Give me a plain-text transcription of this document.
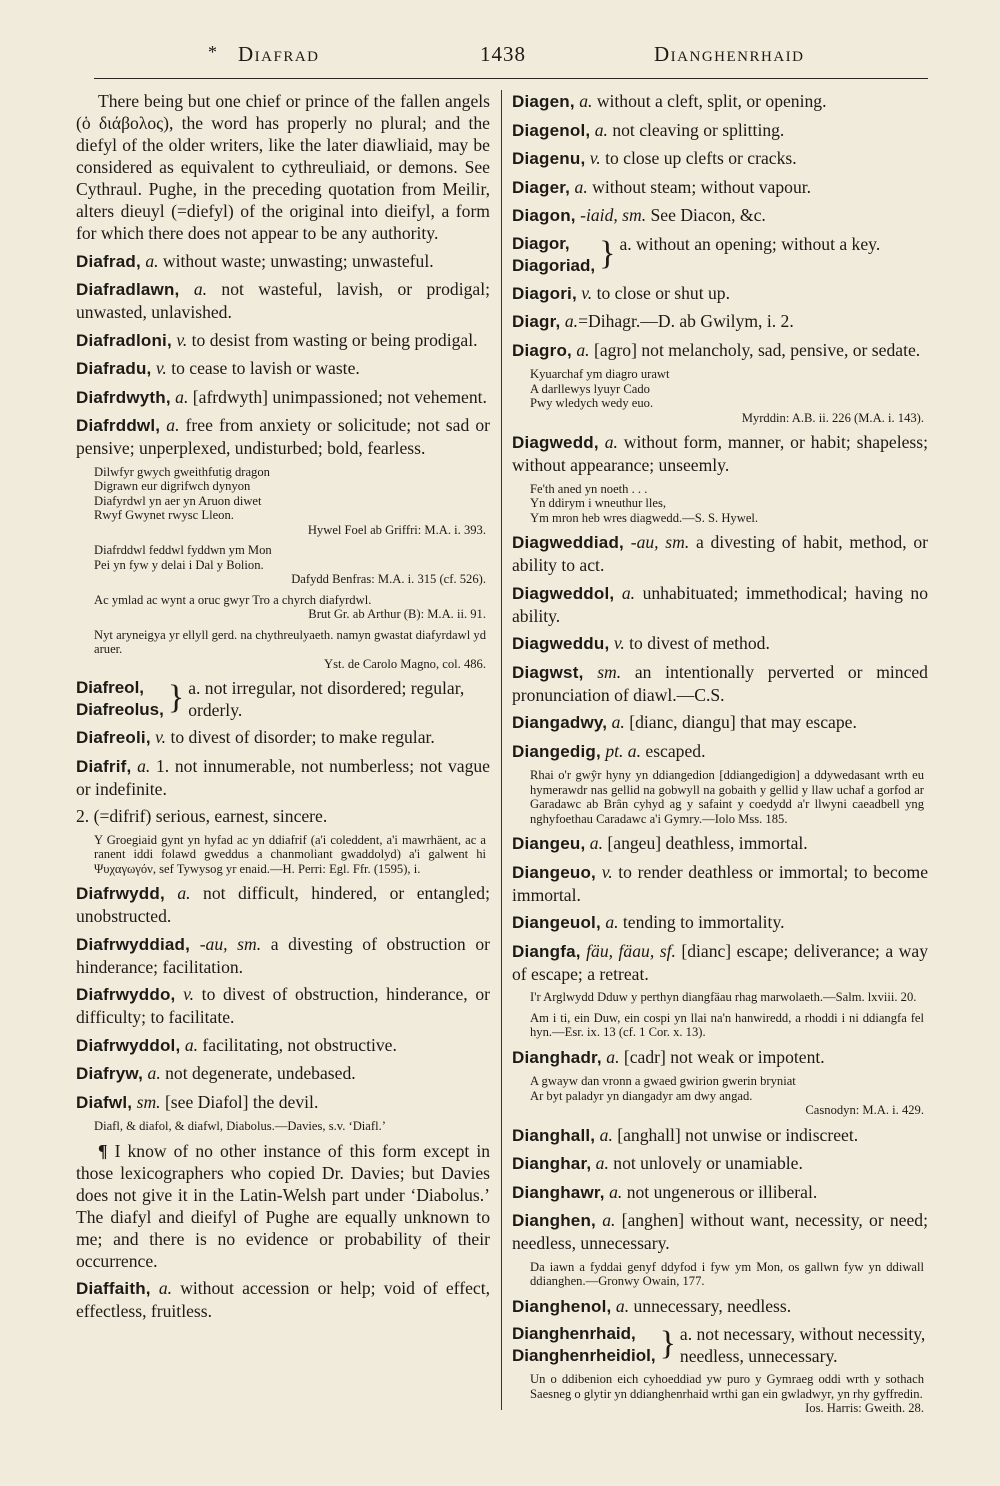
* Diafrad	1438	Dianghenrhaid

There being but one chief or prince of the fallen angels (ὁ διάβολος), the word has properly no plural; and the diefyl of the older writers, like the later diawliaid, may be considered as equivalent to cythreuliaid, or demons. See Cythraul. Pughe, in the preceding quotation from Meilir, alters dieuyl (=diefyl) of the original into dieifyl, a form for which there does not appear to be any authority.

Diafrad, a. without waste; unwasting; unwasteful.

Diafradlawn, a. not wasteful, lavish, or prodigal; unwasted, unlavished.

Diafradloni, v. to desist from wasting or being prodigal.

Diafradu, v. to cease to lavish or waste.

Diafrdwyth, a. [afrdwyth] unimpassioned; not vehement.

Diafrddwl, a. free from anxiety or solicitude; not sad or pensive; unperplexed, undisturbed; bold, fearless.

Dilwfyr gwych gweithfutig dragon
Digrawn eur digrifwch dynyon
Diafyrdwl yn aer yn Aruon diwet
Rwyf Gwynet rwysc Lleon.
Hywel Foel ab Griffri: M.A. i. 393.
Diafrddwl feddwl fyddwn ym Mon
Pei yn fyw y delai i Dal y Bolion.
Dafydd Benfras: M.A. i. 315 (cf. 526).
Ac ymlad ac wynt a oruc gwyr Tro a chyrch diafyrdwl.
Brut Gr. ab Arthur (B): M.A. ii. 91.
Nyt aryneigya yr ellyll gerd. na chythreulyaeth. namyn gwastat diafyrdawl yd aruer.
Yst. de Carolo Magno, col. 486.
Diafreol,
Diafreolus, } a. not irregular, not disordered; regular, orderly.

Diafreoli, v. to divest of disorder; to make regular.

Diafrif, a. 1. not innumerable, not numberless; not vague or indefinite.

2. (=difrif) serious, earnest, sincere.

Y Groegiaid gynt yn hyfad ac yn ddiafrif (a'i coleddent, a'i mawrhäent, ac a ranent iddi folawd gweddus a chanmoliant gwaddolyd) a'i galwent hi Ψυχαγωγόν, sef Tywysog yr enaid.—H. Perri: Egl. Ffr. (1595), i.

Diafrwydd, a. not difficult, hindered, or entangled; unobstructed.

Diafrwyddiad, -au, sm. a divesting of obstruction or hinderance; facilitation.

Diafrwyddo, v. to divest of obstruction, hinderance, or difficulty; to facilitate.

Diafrwyddol, a. facilitating, not obstructive.

Diafryw, a. not degenerate, undebased.

Diafwl, sm. [see Diafol] the devil.

Diafl, & diafol, & diafwl, Diabolus.—Davies, s.v. ‘Diafl.’

¶ I know of no other instance of this form except in those lexicographers who copied Dr. Davies; but Davies does not give it in the Latin-Welsh part under ‘Diabolus.’ The diafyl and dieifyl of Pughe are equally unknown to me; and there is no evidence or probability of their occurrence.

Diaffaith, a. without accession or help; void of effect, effectless, fruitless.

Diagen, a. without a cleft, split, or opening.

Diagenol, a. not cleaving or splitting.

Diagenu, v. to close up clefts or cracks.

Diager, a. without steam; without vapour.

Diagon, -iaid, sm. See Diacon, &c.

Diagor,
Diagoriad, } a. without an opening; without a key.

Diagori, v. to close or shut up.

Diagr, a.=Dihagr.—D. ab Gwilym, i. 2.

Diagro, a. [agro] not melancholy, sad, pensive, or sedate.

Kyuarchaf ym diagro urawt
A darllewys lyuyr Cado
Pwy wledych wedy euo.
Myrddin: A.B. ii. 226 (M.A. i. 143).

Diagwedd, a. without form, manner, or habit; shapeless; without appearance; unseemly.

Fe'th aned yn noeth . . .
Yn ddirym i wneuthur lles,
Ym mron heb wres diagwedd.—S. S. Hywel.

Diagweddiad, -au, sm. a divesting of habit, method, or ability to act.

Diagweddol, a. unhabituated; immethodical; having no ability.

Diagweddu, v. to divest of method.

Diagwst, sm. an intentionally perverted or minced pronunciation of diawl.—C.S.

Diangadwy, a. [dianc, diangu] that may escape.

Diangedig, pt. a. escaped.

Rhai o'r gwŷr hyny yn ddiangedion [ddiangedigion] a ddywedasant wrth eu hymerawdr nas gellid na gobwyll na gobaith y gellid y llaw uchaf a gorfod ar Garadawc ab Brân cyhyd ag y safaint y coedydd a'r llwyni caeadbell yng nghyfoethau Caradawc a'i Gymry.—Iolo Mss. 185.

Diangeu, a. [angeu] deathless, immortal.

Diangeuo, v. to render deathless or immortal; to become immortal.

Diangeuol, a. tending to immortality.

Diangfa, fäu, fäau, sf. [dianc] escape; deliverance; a way of escape; a retreat.

I'r Arglwydd Dduw y perthyn diangfäau rhag marwolaeth.—Salm. lxviii. 20.
Am i ti, ein Duw, ein cospi yn llai na'n hanwiredd, a rhoddi i ni ddiangfa fel hyn.—Esr. ix. 13 (cf. 1 Cor. x. 13).

Dianghadr, a. [cadr] not weak or impotent.

A gwayw dan vronn a gwaed gwirion gwerin bryniat
Ar byt paladyr yn diangadyr am dwy angad.
Casnodyn: M.A. i. 429.

Dianghall, a. [anghall] not unwise or indiscreet.

Dianghar, a. not unlovely or unamiable.

Dianghawr, a. not ungenerous or illiberal.

Dianghen, a. [anghen] without want, necessity, or need; needless, unnecessary.

Da iawn a fyddai genyf ddyfod i fyw ym Mon, os gallwn fyw yn ddiwall ddianghen.—Gronwy Owain, 177.

Dianghenol, a. unnecessary, needless.

Dianghenrhaid,
Dianghenrheidiol, } a. not necessary, without necessity, needless, unnecessary.
Un o ddibenion eich cyhoeddiad yw puro y Gymraeg oddi wrth y sothach Saesneg o glytir yn ddianghenrhaid wrthi gan ein gwladwyr, yn rhy gyffredin.
Ios. Harris: Gweith. 28.
